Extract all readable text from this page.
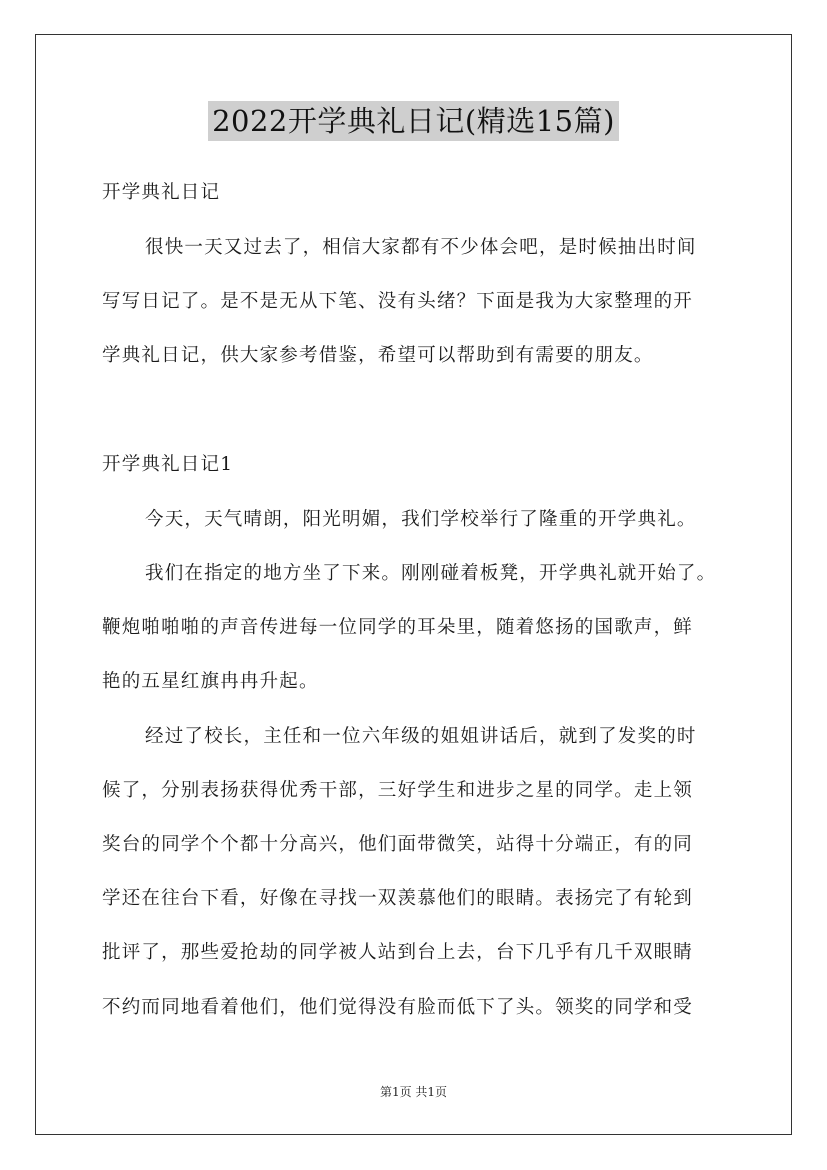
2022开学典礼日记(精选15篇)
开学典礼日记
很快一天又过去了，相信大家都有不少体会吧，是时候抽出时间
写写日记了。是不是无从下笔、没有头绪？下面是我为大家整理的开
学典礼日记，供大家参考借鉴，希望可以帮助到有需要的朋友。
开学典礼日记1
今天，天气晴朗，阳光明媚，我们学校举行了隆重的开学典礼。
我们在指定的地方坐了下来。刚刚碰着板凳，开学典礼就开始了。
鞭炮啪啪啪的声音传进每一位同学的耳朵里，随着悠扬的国歌声，鲜
艳的五星红旗冉冉升起。
经过了校长，主任和一位六年级的姐姐讲话后，就到了发奖的时
候了，分别表扬获得优秀干部，三好学生和进步之星的同学。走上领
奖台的同学个个都十分高兴，他们面带微笑，站得十分端正，有的同
学还在往台下看，好像在寻找一双羡慕他们的眼睛。表扬完了有轮到
批评了，那些爱抢劫的同学被人站到台上去，台下几乎有几千双眼睛
不约而同地看着他们，他们觉得没有脸而低下了头。领奖的同学和受
第1页 共1页
